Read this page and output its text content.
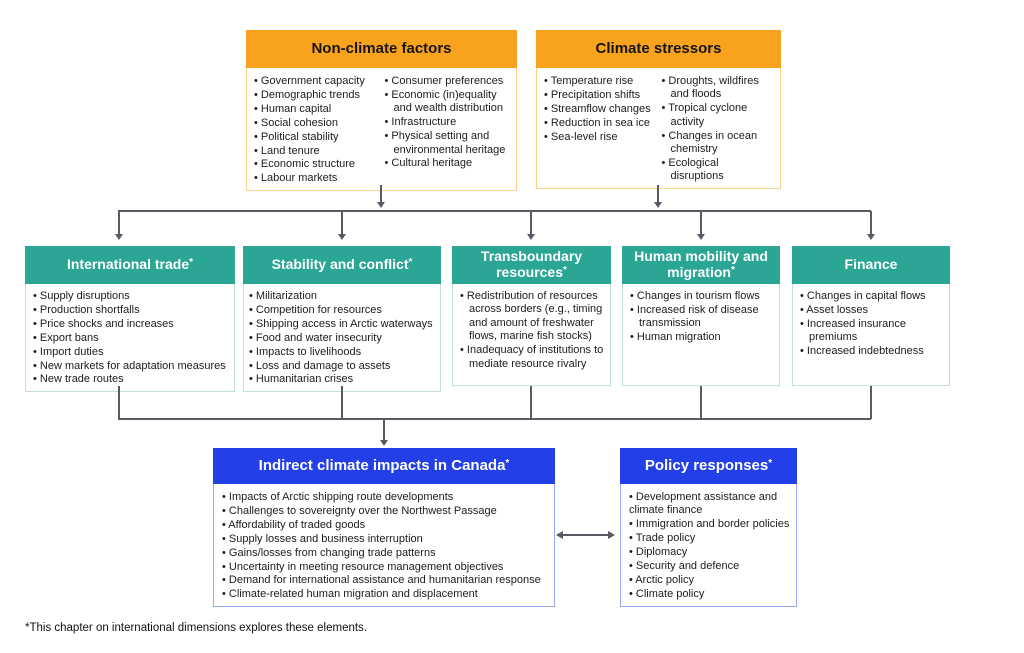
Non-climate factors
• Government capacity
• Demographic trends
• Human capital
• Social cohesion
• Political stability
• Land tenure
• Economic structure
• Labour markets
• Consumer preferences
• Economic (in)equality and wealth distribution
• Infrastructure
• Physical setting and environmental heritage
• Cultural heritage
Climate stressors
• Temperature rise
• Precipitation shifts
• Streamflow changes
• Reduction in sea ice
• Sea-level rise
• Droughts, wildfires and floods
• Tropical cyclone activity
• Changes in ocean chemistry
• Ecological disruptions
International trade*
• Supply disruptions
• Production shortfalls
• Price shocks and increases
• Export bans
• Import duties
• New markets for adaptation measures
• New trade routes
Stability and conflict*
• Militarization
• Competition for resources
• Shipping access in Arctic waterways
• Food and water insecurity
• Impacts to livelihoods
• Loss and damage to assets
• Humanitarian crises
Transboundary resources*
• Redistribution of resources across borders (e.g., timing and amount of freshwater flows, marine fish stocks)
• Inadequacy of institutions to mediate resource rivalry
Human mobility and migration*
• Changes in tourism flows
• Increased risk of disease transmission
• Human migration
Finance
• Changes in capital flows
• Asset losses
• Increased insurance premiums
• Increased indebtedness
Indirect climate impacts in Canada*
• Impacts of Arctic shipping route developments
• Challenges to sovereignty over the Northwest Passage
• Affordability of traded goods
• Supply losses and business interruption
• Gains/losses from changing trade patterns
• Uncertainty in meeting resource management objectives
• Demand for international assistance and humanitarian response
• Climate-related human migration and displacement
Policy responses*
• Development assistance and climate finance
• Immigration and border policies
• Trade policy
• Diplomacy
• Security and defence
• Arctic policy
• Climate policy
*This chapter on international dimensions explores these elements.
